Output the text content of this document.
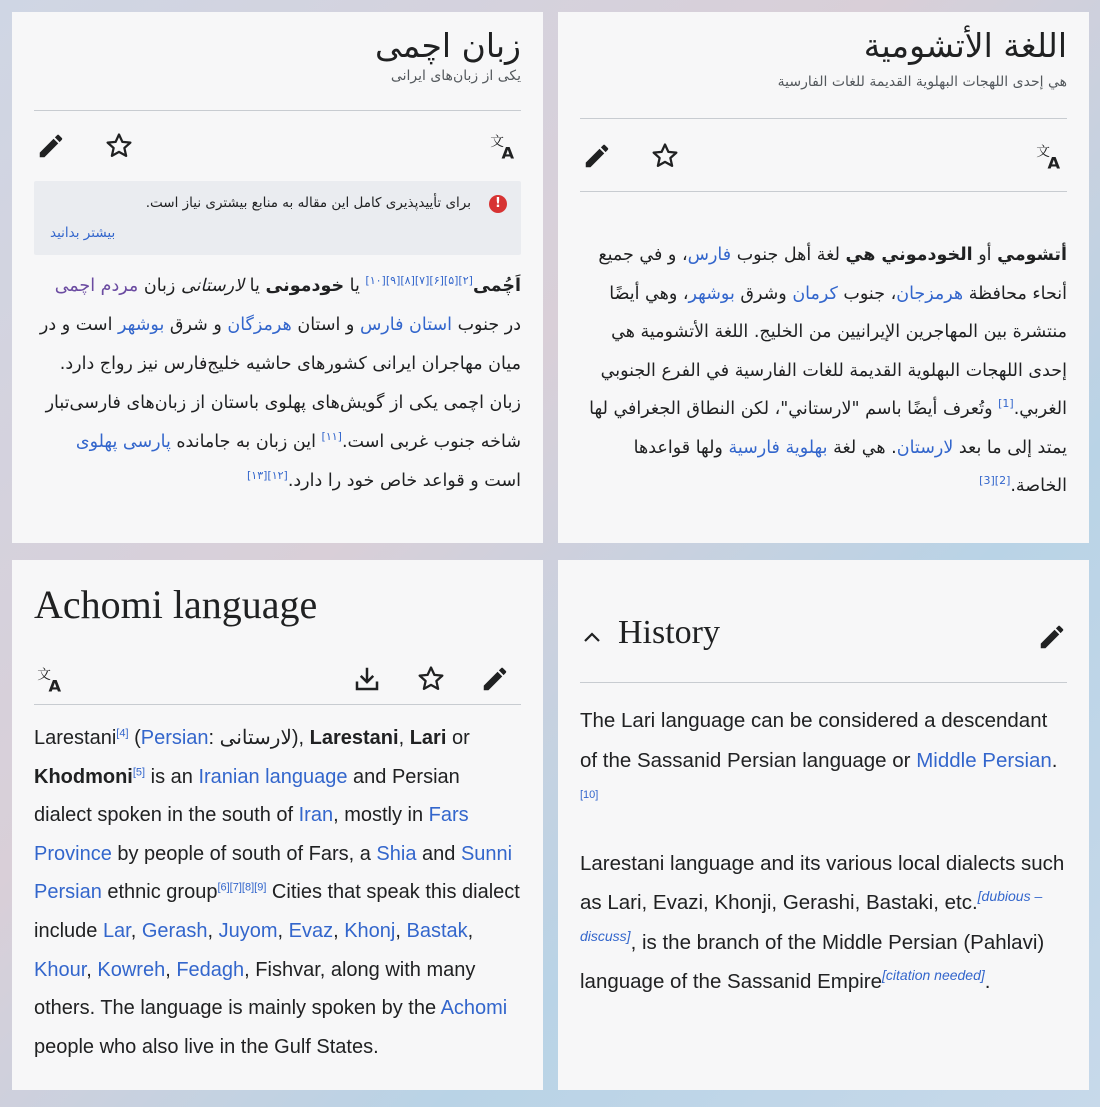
زبان اچمی
یکی از زبان‌های ایرانی
文
A
!
برای تأییدپذیری کامل این مقاله به منابع بیشتری نیاز است.
بیشتر بدانید
اَچُمی[۲][۵][۶][۷][۸][۹][۱۰] یا خودمونی یا لارستانی زبان مردم اچمی در جنوب استان فارس و استان هرمزگان و شرق بوشهر است و در میان مهاجران ایرانی کشورهای حاشیه خلیج‌فارس نیز رواج دارد. زبان اچمی یکی از گویش‌های پهلوی باستان از زبان‌های فارسی‌تبار شاخه جنوب غربی است.[۱۱] این زبان به جامانده پارسی پهلوی است و قواعد خاص خود را دارد.[۱۲][۱۳]
اللغة الأتشومية
هي إحدى اللهجات البهلوية القديمة للغات الفارسية
文
A
أتشومي أو الخودموني هي لغة أهل جنوب فارس، و في جميع أنحاء محافظة هرمزجان، جنوب كرمان وشرق بوشهر، وهي أيضًا منتشرة بين المهاجرين الإيرانيين من الخليج. اللغة الأتشومية هي إحدى اللهجات البهلوية القديمة للغات الفارسية في الفرع الجنوبي الغربي.[1] وتُعرف أيضًا باسم "لارستاني"، لكن النطاق الجغرافي لها يمتد إلى ما بعد لارستان. هي لغة بهلوية فارسية ولها قواعدها الخاصة.[2][3]
Achomi language
文
A
Larestani[4] (Persian: لارستانی), Larestani, Lari or Khodmoni[5] is an Iranian language and Persian dialect spoken in the south of Iran, mostly in Fars Province by people of south of Fars, a Shia and Sunni Persian ethnic group[6][7][8][9] Cities that speak this dialect include Lar, Gerash, Juyom, Evaz, Khonj, Bastak, Khour, Kowreh, Fedagh, Fishvar, along with many others. The language is mainly spoken by the Achomi people who also live in the Gulf States.
History

The Lari language can be considered a descendant of the Sassanid Persian language or Middle Persian.[10]

Larestani language and its various local dialects such as Lari, Evazi, Khonji, Gerashi, Bastaki, etc.[dubious – discuss], is the branch of the Middle Persian (Pahlavi) language of the Sassanid Empire[citation needed].
